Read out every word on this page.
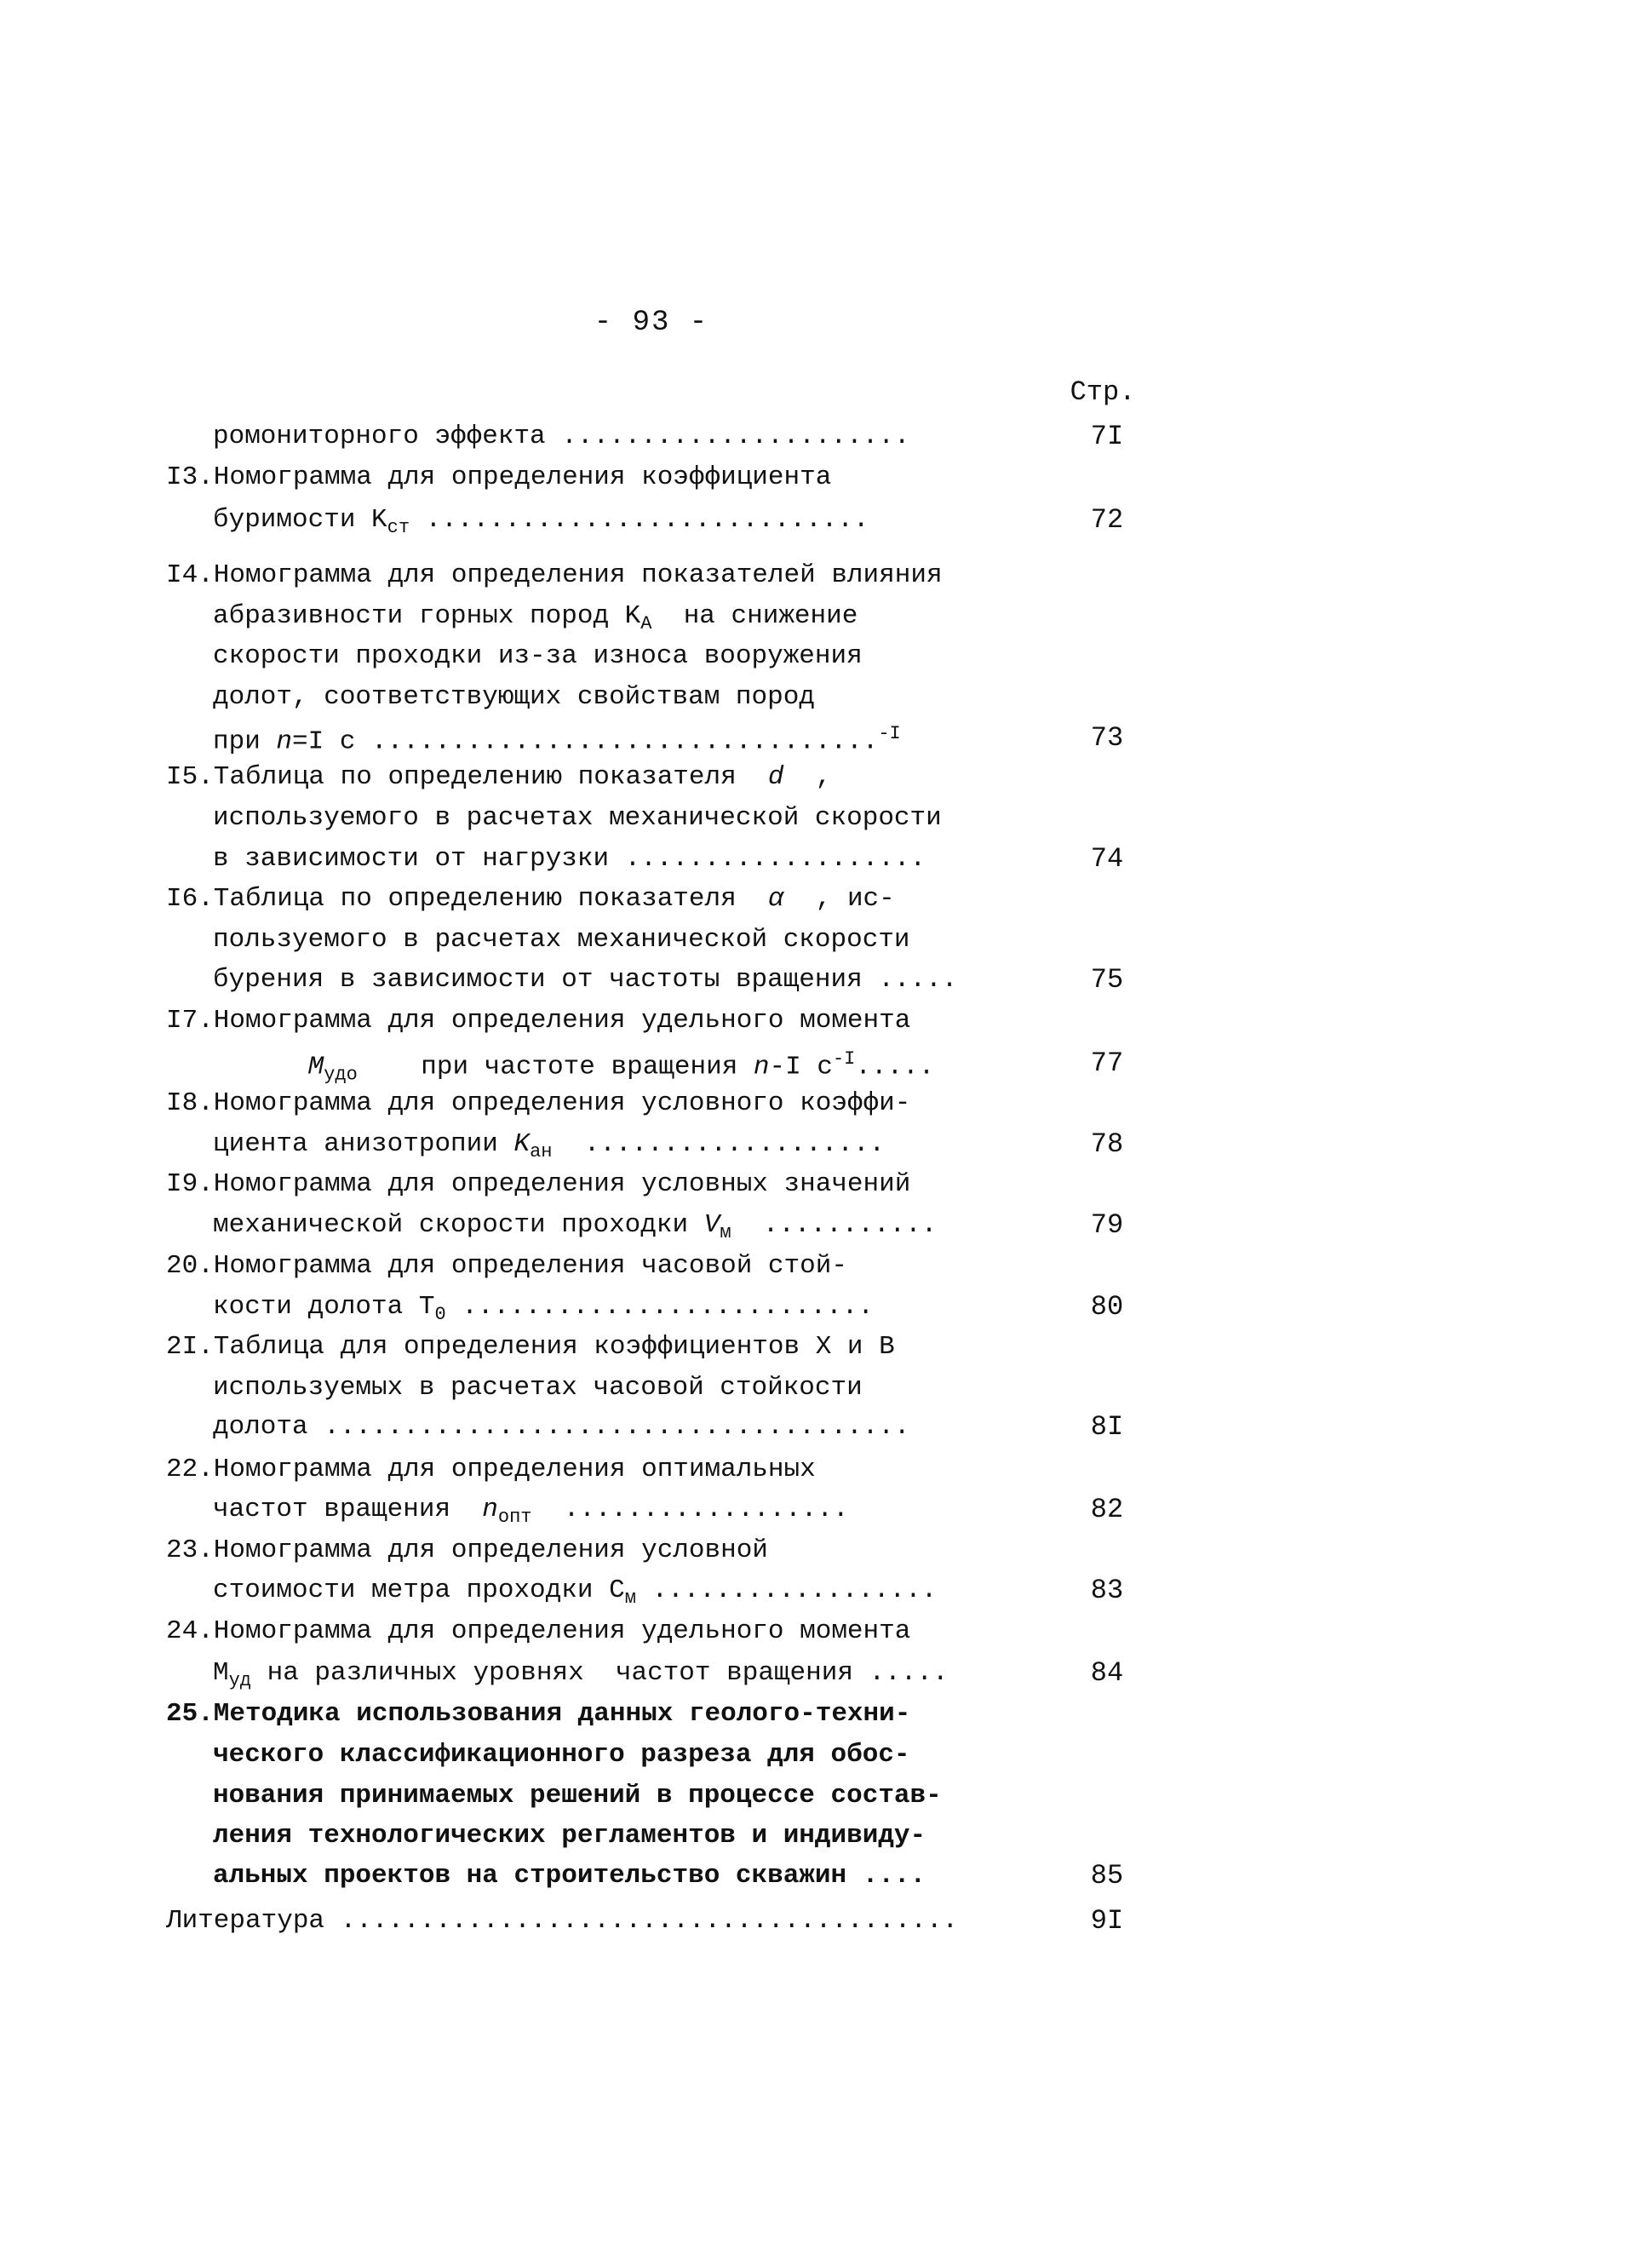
- 93 -
Стр.
ромониторного эффекта ......................	7I
I3.Номограмма для определения коэффициента
буримости $K_{ст}$ ............................	72
I4.Номограмма для определения показателей влияния
абразивности горных пород $K_А$  на снижение
скорости проходки из-за износа вооружения
долот, соответствующих свойствам пород
при n=I c ................................$^{-I}$	73
I5.Таблица по определению показателя  d  ,
используемого в расчетах механической скорости
в зависимости от нагрузки ...................	74
I6.Таблица по определению показателя  α  , ис-
пользуемого в расчетах механической скорости
бурения в зависимости от частоты вращения .....	75
I7.Номограмма для определения удельного момента
$M_{удо}$    при частоте вращения n-I $c^{-I}$.....	77
I8.Номограмма для определения условного коэффи-
циента анизотропии $K_{ан}$  ...................	78
I9.Номограмма для определения условных значений
механической скорости проходки $V_м$  ...........	79
20.Номограмма для определения часовой стой-
кости долота $T_0$ ..........................	80
2I.Таблица для определения коэффициентов X и B
используемых в расчетах часовой стойкости
долота .....................................	8I
22.Номограмма для определения оптимальных
частот вращения  $n_{опт}$  ..................	82
23.Номограмма для определения условной
стоимости метра проходки $C_м$ ..................	83
24.Номограмма для определения удельного момента
$M_{уд}$ на различных уровнях  частот вращения .....	84
25.Методика использования данных геолого-техни-
ческого классификационного разреза для обос-
нования принимаемых решений в процессе состав-
ления технологических регламентов и индивиду-
альных проектов на строительство скважин ....	85
Литература .......................................	9I
